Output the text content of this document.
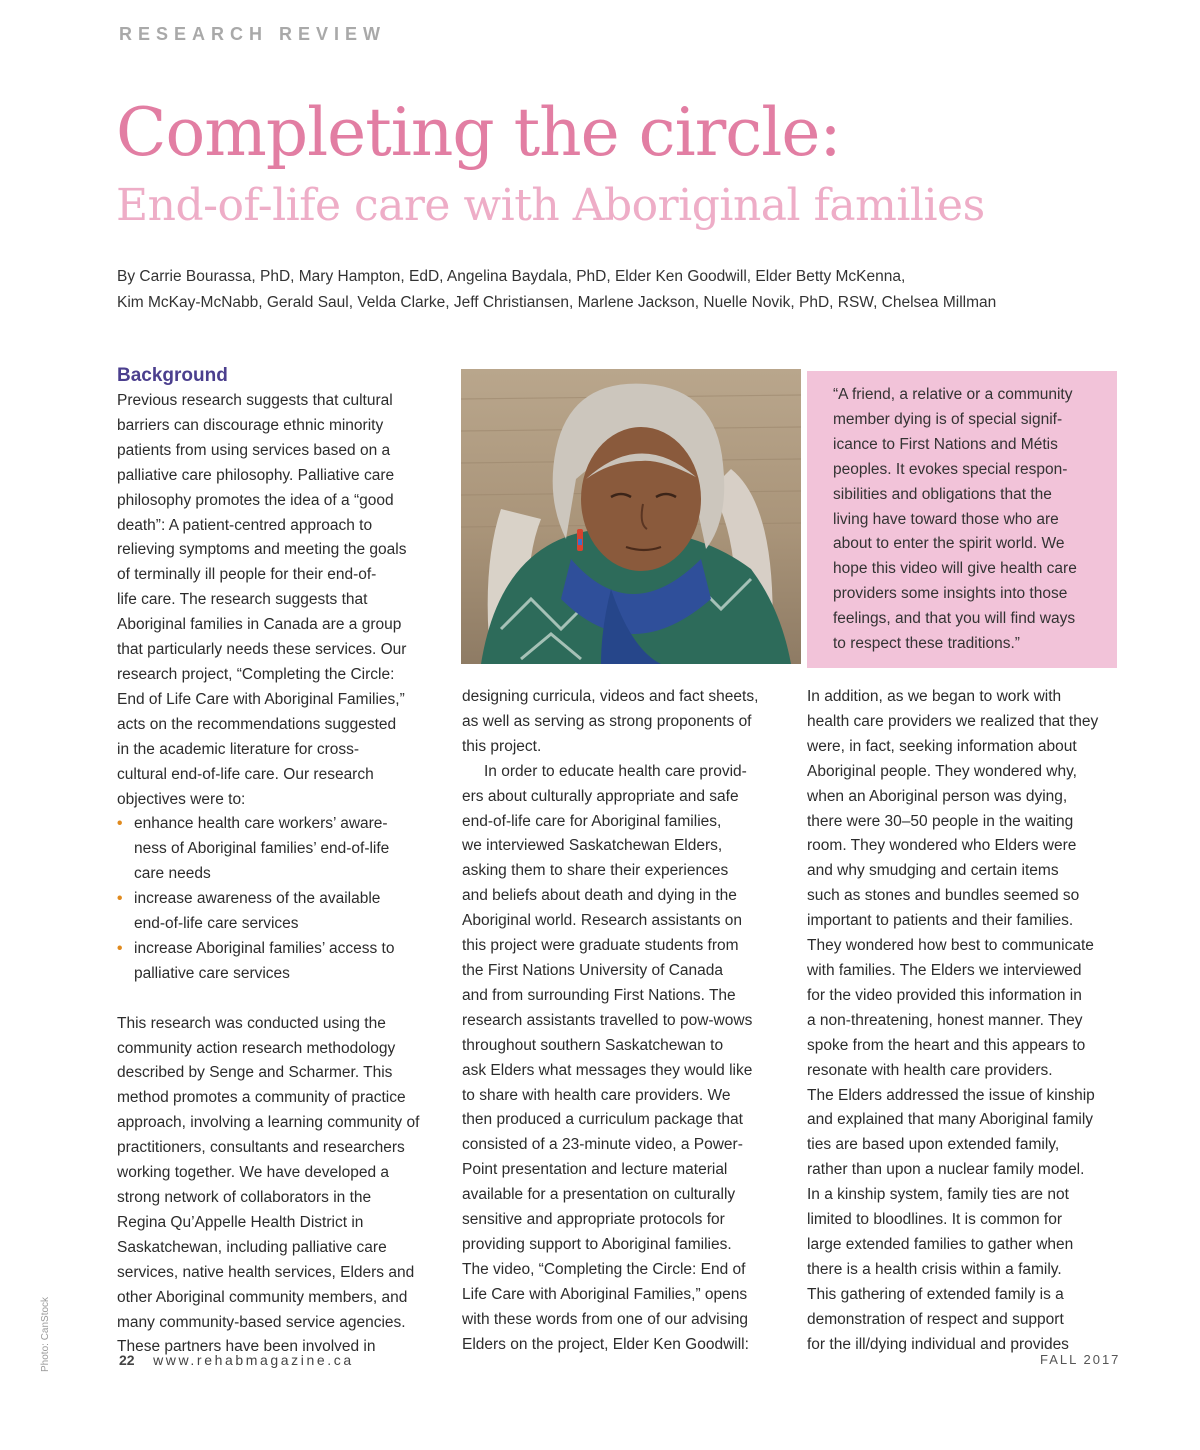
RESEARCH REVIEW
Completing the circle:
End-of-life care with Aboriginal families
By Carrie Bourassa, PhD, Mary Hampton, EdD, Angelina Baydala, PhD, Elder Ken Goodwill, Elder Betty McKenna,
Kim McKay-McNabb, Gerald Saul, Velda Clarke, Jeff Christiansen, Marlene Jackson, Nuelle Novik, PhD, RSW, Chelsea Millman
Background
Previous research suggests that cultural
barriers can discourage ethnic minority
patients from using services based on a
palliative care philosophy. Palliative care
philosophy promotes the idea of a “good
death”: A patient-centred approach to
relieving symptoms and meeting the goals
of terminally ill people for their end-of-
life care. The research suggests that
Aboriginal families in Canada are a group
that particularly needs these services. Our
research project, “Completing the Circle:
End of Life Care with Aboriginal Families,”
acts on the recommendations suggested
in the academic literature for cross-
cultural end-of-life care. Our research
objectives were to:
• enhance health care workers’ aware-
ness of Aboriginal families’ end-of-life
care needs
• increase awareness of the available
end-of-life care services
• increase Aboriginal families’ access to
palliative care services
This research was conducted using the
community action research methodology
described by Senge and Scharmer. This
method promotes a community of practice
approach, involving a learning community of
practitioners, consultants and researchers
working together. We have developed a
strong network of collaborators in the
Regina Qu’Appelle Health District in
Saskatchewan, including palliative care
services, native health services, Elders and
other Aboriginal community members, and
many community-based service agencies.
These partners have been involved in

“A friend, a relative or a community

member dying is of special signif-

icance to First Nations and Métis

peoples. It evokes special respon-

sibilities and obligations that the

living have toward those who are

about to enter the spirit world. We

hope this video will give health care

providers some insights into those

feelings, and that you will find ways

to respect these traditions.”

designing curricula, videos and fact sheets,
as well as serving as strong proponents of
this project.
In order to educate health care provid-
ers about culturally appropriate and safe
end-of-life care for Aboriginal families,
we interviewed Saskatchewan Elders,
asking them to share their experiences
and beliefs about death and dying in the
Aboriginal world. Research assistants on
this project were graduate students from
the First Nations University of Canada
and from surrounding First Nations. The
research assistants travelled to pow-wows
throughout southern Saskatchewan to
ask Elders what messages they would like
to share with health care providers. We
then produced a curriculum package that
consisted of a 23-minute video, a Power-
Point presentation and lecture material
available for a presentation on culturally
sensitive and appropriate protocols for
providing support to Aboriginal families.
The video, “Completing the Circle: End of
Life Care with Aboriginal Families,” opens
with these words from one of our advising
Elders on the project, Elder Ken Goodwill:
In addition, as we began to work with
health care providers we realized that they
were, in fact, seeking information about
Aboriginal people. They wondered why,
when an Aboriginal person was dying,
there were 30–50 people in the waiting
room. They wondered who Elders were
and why smudging and certain items
such as stones and bundles seemed so
important to patients and their families.
They wondered how best to communicate
with families. The Elders we interviewed
for the video provided this information in
a non-threatening, honest manner. They
spoke from the heart and this appears to
resonate with health care providers.
The Elders addressed the issue of kinship
and explained that many Aboriginal family
ties are based upon extended family,
rather than upon a nuclear family model.
In a kinship system, family ties are not
limited to bloodlines. It is common for
large extended families to gather when
there is a health crisis within a family.
This gathering of extended family is a
demonstration of respect and support
for the ill/dying individual and provides
Photo: CanStock	22 www.rehabmagazine.ca	FALL 2017
